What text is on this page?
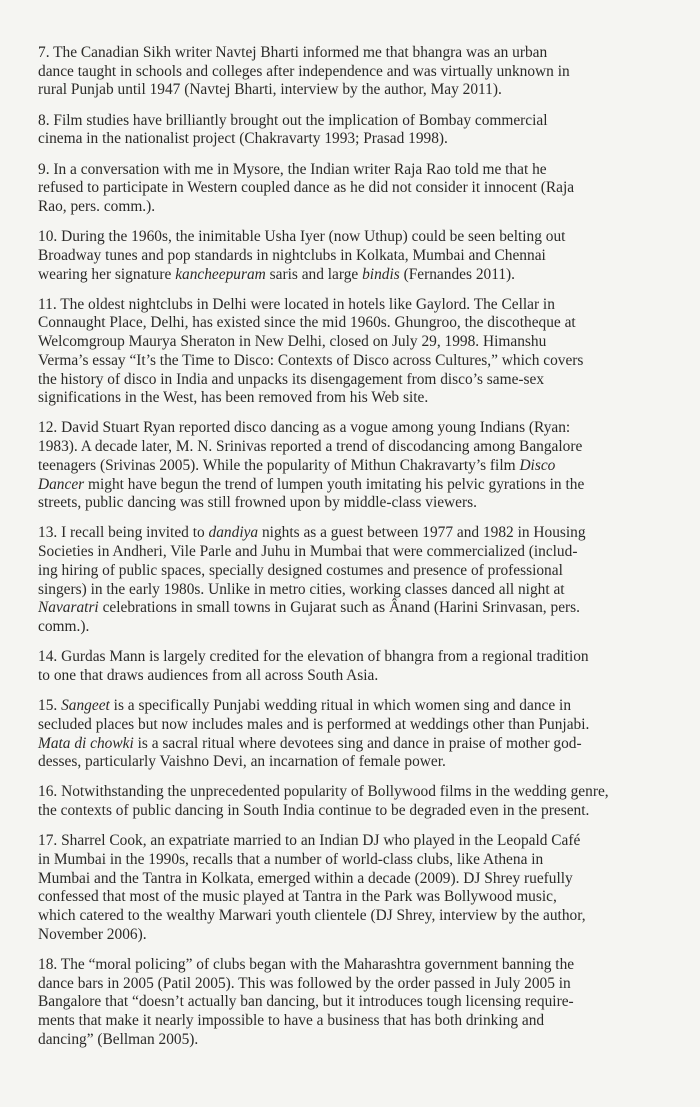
7. The Canadian Sikh writer Navtej Bharti informed me that bhangra was an urban
dance taught in schools and colleges after independence and was virtually unknown in
rural Punjab until 1947 (Navtej Bharti, interview by the author, May 2011).

8. Film studies have brilliantly brought out the implication of Bombay commercial
cinema in the nationalist project (Chakravarty 1993; Prasad 1998).

9. In a conversation with me in Mysore, the Indian writer Raja Rao told me that he
refused to participate in Western coupled dance as he did not consider it innocent (Raja
Rao, pers. comm.).

10. During the 1960s, the inimitable Usha Iyer (now Uthup) could be seen belting out
Broadway tunes and pop standards in nightclubs in Kolkata, Mumbai and Chennai
wearing her signature kancheepuram saris and large bindis (Fernandes 2011).

11. The oldest nightclubs in Delhi were located in hotels like Gaylord. The Cellar in
Connaught Place, Delhi, has existed since the mid 1960s. Ghungroo, the discotheque at
Welcomgroup Maurya Sheraton in New Delhi, closed on July 29, 1998. Himanshu
Verma’s essay “It’s the Time to Disco: Contexts of Disco across Cultures,” which covers
the history of disco in India and unpacks its disengagement from disco’s same-sex
significations in the West, has been removed from his Web site.

12. David Stuart Ryan reported disco dancing as a vogue among young Indians (Ryan:
1983). A decade later, M. N. Srinivas reported a trend of discodancing among Bangalore
teenagers (Srivinas 2005). While the popularity of Mithun Chakravarty’s film Disco
Dancer might have begun the trend of lumpen youth imitating his pelvic gyrations in the
streets, public dancing was still frowned upon by middle-class viewers.

13. I recall being invited to dandiya nights as a guest between 1977 and 1982 in Housing
Societies in Andheri, Vile Parle and Juhu in Mumbai that were commercialized (includ-
ing hiring of public spaces, specially designed costumes and presence of professional
singers) in the early 1980s. Unlike in metro cities, working classes danced all night at
Navaratri celebrations in small towns in Gujarat such as Ânand (Harini Srinvasan, pers.
comm.).

14. Gurdas Mann is largely credited for the elevation of bhangra from a regional tradition
to one that draws audiences from all across South Asia.

15. Sangeet is a specifically Punjabi wedding ritual in which women sing and dance in
secluded places but now includes males and is performed at weddings other than Punjabi.
Mata di chowki is a sacral ritual where devotees sing and dance in praise of mother god-
desses, particularly Vaishno Devi, an incarnation of female power.

16. Notwithstanding the unprecedented popularity of Bollywood films in the wedding genre,
the contexts of public dancing in South India continue to be degraded even in the present.

17. Sharrel Cook, an expatriate married to an Indian DJ who played in the Leopald Café
in Mumbai in the 1990s, recalls that a number of world-class clubs, like Athena in
Mumbai and the Tantra in Kolkata, emerged within a decade (2009). DJ Shrey ruefully
confessed that most of the music played at Tantra in the Park was Bollywood music,
which catered to the wealthy Marwari youth clientele (DJ Shrey, interview by the author,
November 2006).

18. The “moral policing” of clubs began with the Maharashtra government banning the
dance bars in 2005 (Patil 2005). This was followed by the order passed in July 2005 in
Bangalore that “doesn’t actually ban dancing, but it introduces tough licensing require-
ments that make it nearly impossible to have a business that has both drinking and
dancing” (Bellman 2005).
